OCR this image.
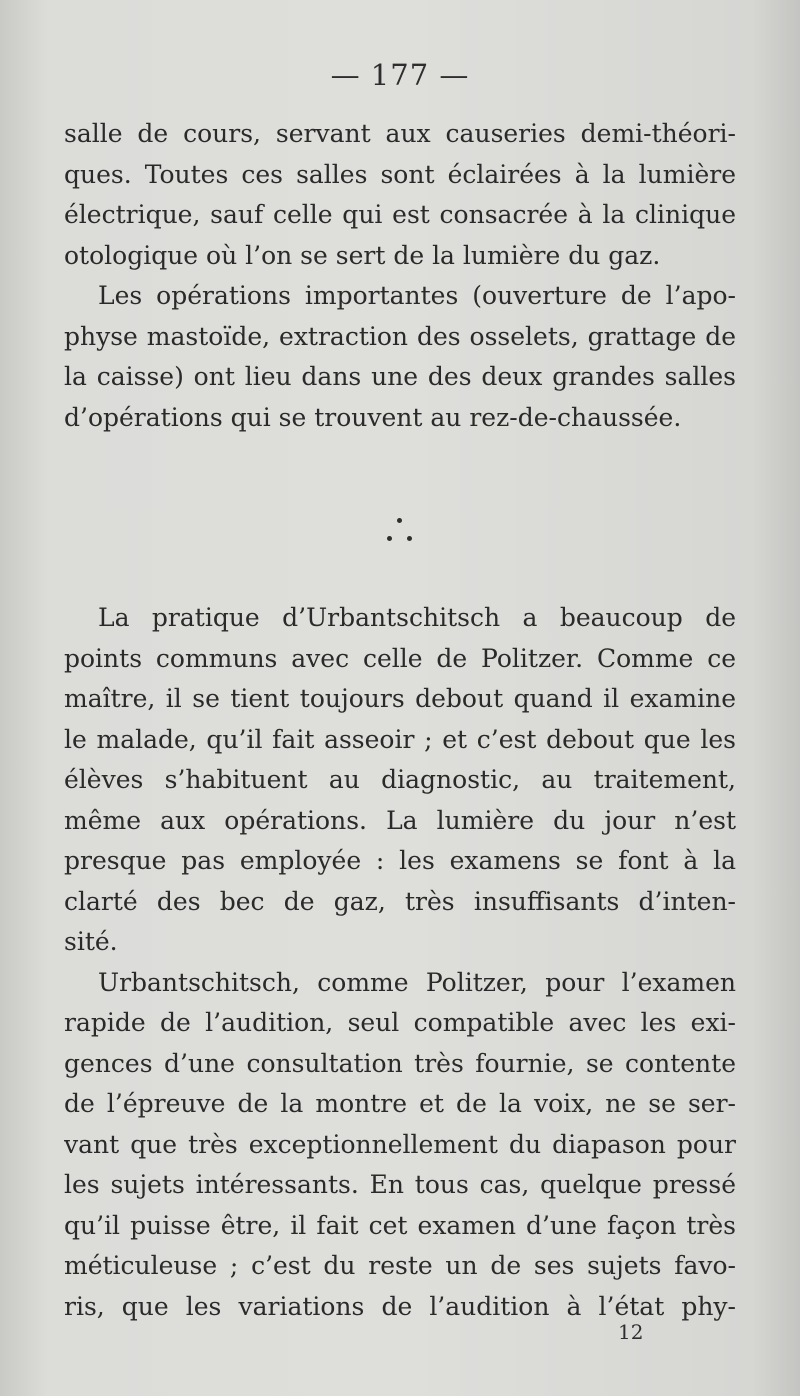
— 177 —
salle de cours, servant aux causeries demi-théori-
ques. Toutes ces salles sont éclairées à la lumière
électrique, sauf celle qui est consacrée à la clinique
otologique où l’on se sert de la lumière du gaz.
Les opérations importantes (ouverture de l’apo-
physe mastoïde, extraction des osselets, grattage de
la caisse) ont lieu dans une des deux grandes salles
d’opérations qui se trouvent au rez-de-chaussée.
La pratique d’Urbantschitsch a beaucoup de
points communs avec celle de Politzer. Comme ce
maître, il se tient toujours debout quand il examine
le malade, qu’il fait asseoir ; et c’est debout que les
élèves s’habituent au diagnostic, au traitement,
même aux opérations. La lumière du jour n’est
presque pas employée : les examens se font à la
clarté des bec de gaz, très insuffisants d’inten-
sité.
Urbantschitsch, comme Politzer, pour l’examen
rapide de l’audition, seul compatible avec les exi-
gences d’une consultation très fournie, se contente
de l’épreuve de la montre et de la voix, ne se ser-
vant que très exceptionnellement du diapason pour
les sujets intéressants. En tous cas, quelque pressé
qu’il puisse être, il fait cet examen d’une façon très
méticuleuse ; c’est du reste un de ses sujets favo-
ris, que les variations de l’audition à l’état phy-
12
